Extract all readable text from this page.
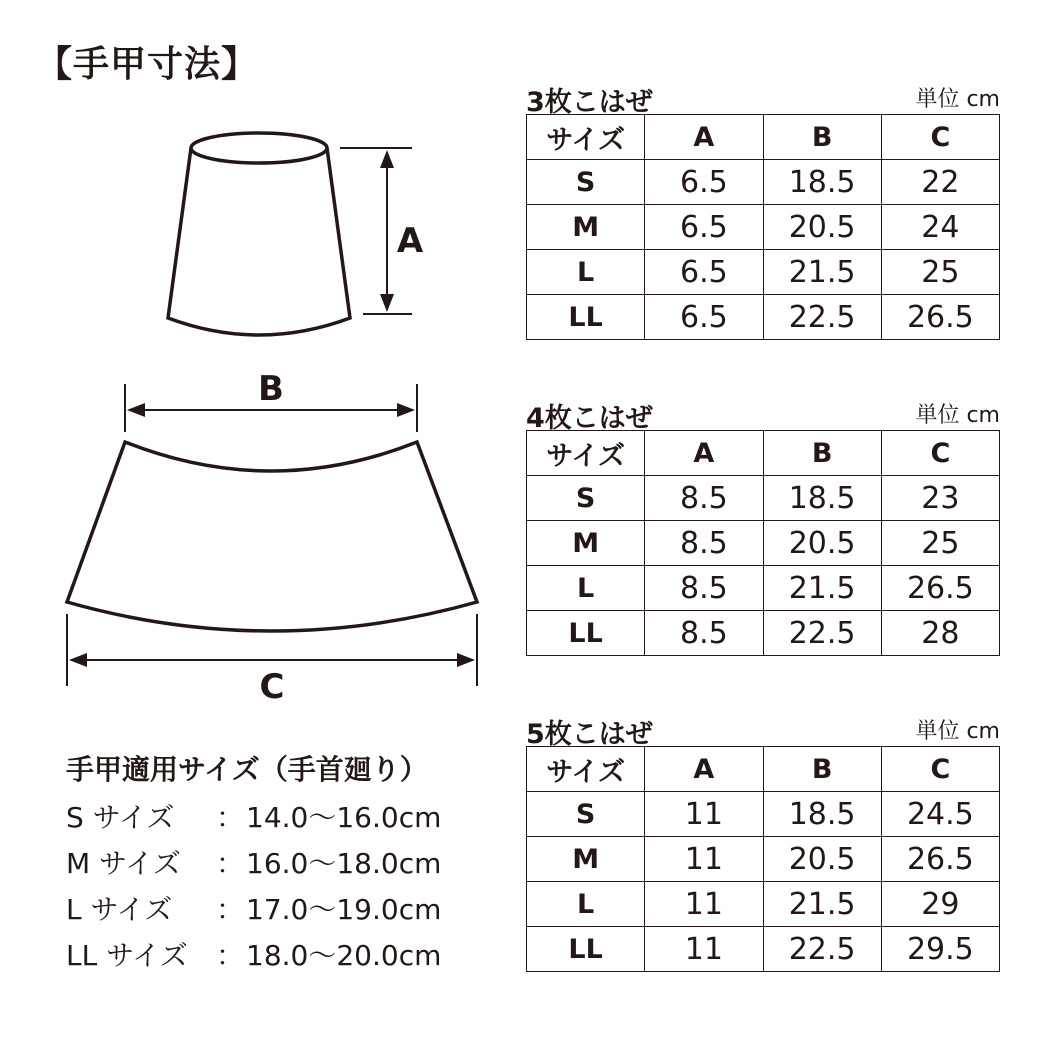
【手甲寸法】
A
B
C
手甲適用サイズ（手首廻り）
S サイズ	： 14.0〜16.0cm
M サイズ	： 16.0〜18.0cm
L サイズ	： 17.0〜19.0cm
LL サイズ	： 18.0〜20.0cm
3枚こはぜ	単位 cm
サイズ	A	B	C
S	6.5	18.5	22
M	6.5	20.5	24
L	6.5	21.5	25
LL	6.5	22.5	26.5
4枚こはぜ	単位 cm
サイズ	A	B	C
S	8.5	18.5	23
M	8.5	20.5	25
L	8.5	21.5	26.5
LL	8.5	22.5	28
5枚こはぜ	単位 cm
サイズ	A	B	C
S	11	18.5	24.5
M	11	20.5	26.5
L	11	21.5	29
LL	11	22.5	29.5
